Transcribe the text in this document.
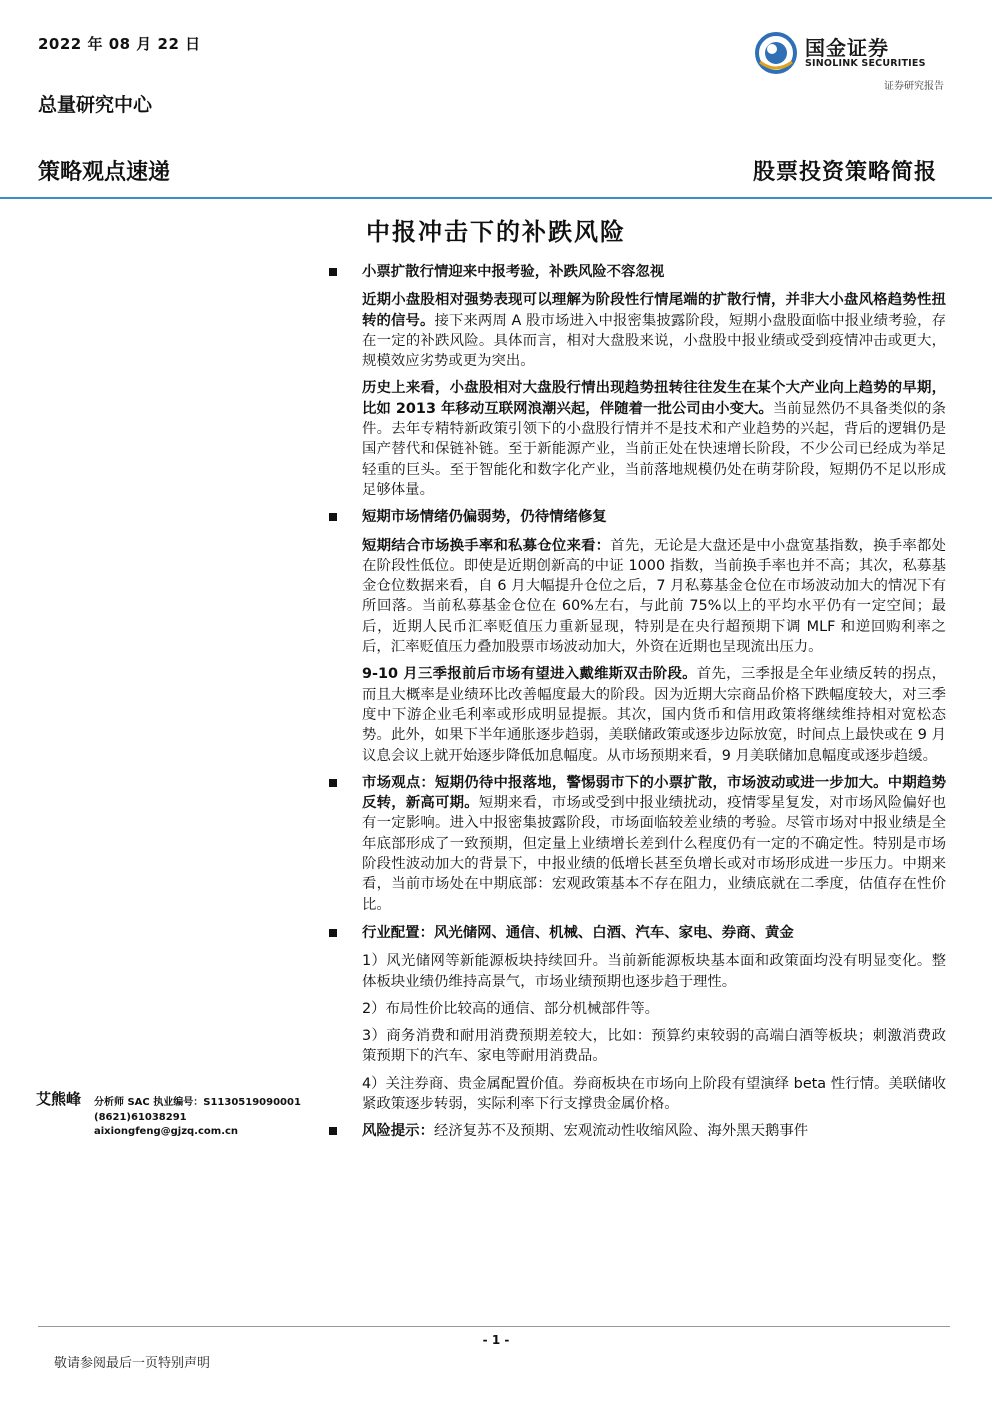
2022 年 08 月 22 日
总量研究中心
国金证券
SINOLINK SECURITIES
证券研究报告
策略观点速递	股票投资策略简报
中报冲击下的补跌风险
小票扩散行情迎来中报考验，补跌风险不容忽视
近期小盘股相对强势表现可以理解为阶段性行情尾端的扩散行情，并非大小盘风格趋势性扭转的信号。接下来两周 A 股市场进入中报密集披露阶段，短期小盘股面临中报业绩考验，存在一定的补跌风险。具体而言，相对大盘股来说，小盘股中报业绩或受到疫情冲击或更大，规模效应劣势或更为突出。
历史上来看，小盘股相对大盘股行情出现趋势扭转往往发生在某个大产业向上趋势的早期，比如 2013 年移动互联网浪潮兴起，伴随着一批公司由小变大。当前显然仍不具备类似的条件。去年专精特新政策引领下的小盘股行情并不是技术和产业趋势的兴起，背后的逻辑仍是国产替代和保链补链。至于新能源产业，当前正处在快速增长阶段，不少公司已经成为举足轻重的巨头。至于智能化和数字化产业，当前落地规模仍处在萌芽阶段，短期仍不足以形成足够体量。
短期市场情绪仍偏弱势，仍待情绪修复
短期结合市场换手率和私募仓位来看：首先，无论是大盘还是中小盘宽基指数，换手率都处在阶段性低位。即使是近期创新高的中证 1000 指数，当前换手率也并不高；其次，私募基金仓位数据来看，自 6 月大幅提升仓位之后，7 月私募基金仓位在市场波动加大的情况下有所回落。当前私募基金仓位在 60%左右，与此前 75%以上的平均水平仍有一定空间；最后，近期人民币汇率贬值压力重新显现，特别是在央行超预期下调 MLF 和逆回购利率之后，汇率贬值压力叠加股票市场波动加大，外资在近期也呈现流出压力。
9-10 月三季报前后市场有望进入戴维斯双击阶段。首先，三季报是全年业绩反转的拐点，而且大概率是业绩环比改善幅度最大的阶段。因为近期大宗商品价格下跌幅度较大，对三季度中下游企业毛利率或形成明显提振。其次，国内货币和信用政策将继续维持相对宽松态势。此外，如果下半年通胀逐步趋弱，美联储政策或逐步边际放宽，时间点上最快或在 9 月议息会议上就开始逐步降低加息幅度。从市场预期来看，9 月美联储加息幅度或逐步趋缓。
市场观点：短期仍待中报落地，警惕弱市下的小票扩散，市场波动或进一步加大。中期趋势反转，新高可期。短期来看，市场或受到中报业绩扰动，疫情零星复发，对市场风险偏好也有一定影响。进入中报密集披露阶段，市场面临较差业绩的考验。尽管市场对中报业绩是全年底部形成了一致预期，但定量上业绩增长差到什么程度仍有一定的不确定性。特别是市场阶段性波动加大的背景下，中报业绩的低增长甚至负增长或对市场形成进一步压力。中期来看，当前市场处在中期底部：宏观政策基本不存在阻力，业绩底就在二季度，估值存在性价比。
行业配置：风光储网、通信、机械、白酒、汽车、家电、券商、黄金
1）风光储网等新能源板块持续回升。当前新能源板块基本面和政策面均没有明显变化。整体板块业绩仍维持高景气，市场业绩预期也逐步趋于理性。
2）布局性价比较高的通信、部分机械部件等。
3）商务消费和耐用消费预期差较大，比如：预算约束较弱的高端白酒等板块；刺激消费政策预期下的汽车、家电等耐用消费品。
4）关注券商、贵金属配置价值。券商板块在市场向上阶段有望演绎 beta 性行情。美联储收紧政策逐步转弱，实际利率下行支撑贵金属价格。
风险提示：经济复苏不及预期、宏观流动性收缩风险、海外黑天鹅事件
艾熊峰 分析师 SAC 执业编号：S1130519090001
(8621)61038291
aixiongfeng@gjzq.com.cn
- 1 -
敬请参阅最后一页特别声明
